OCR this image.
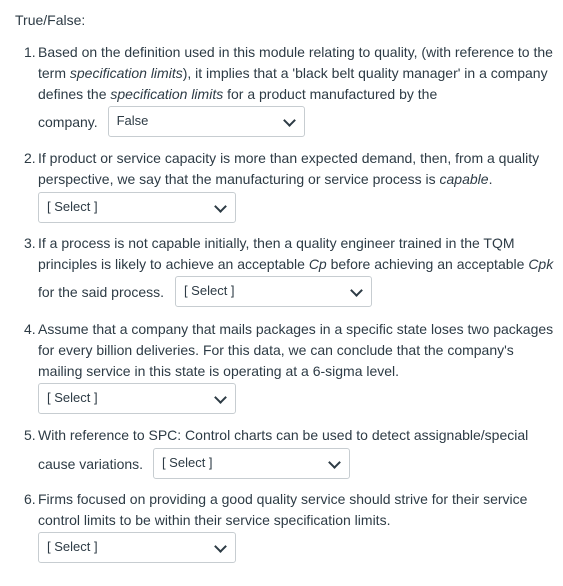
True/False:
1. Based on the definition used in this module relating to quality, (with reference to the term specification limits), it implies that a 'black belt quality manager' in a company defines the specification limits for a product manufactured by the
company. False
2. If product or service capacity is more than expected demand, then, from a quality perspective, we say that the manufacturing or service process is capable.
[ Select ]
3. If a process is not capable initially, then a quality engineer trained in the TQM principles is likely to achieve an acceptable Cp before achieving an acceptable Cpk
for the said process. [ Select ]
4. Assume that a company that mails packages in a specific state loses two packages for every billion deliveries. For this data, we can conclude that the company's mailing service in this state is operating at a 6-sigma level.
[ Select ]
5. With reference to SPC: Control charts can be used to detect assignable/special
cause variations. [ Select ]
6. Firms focused on providing a good quality service should strive for their service control limits to be within their service specification limits.
[ Select ]
